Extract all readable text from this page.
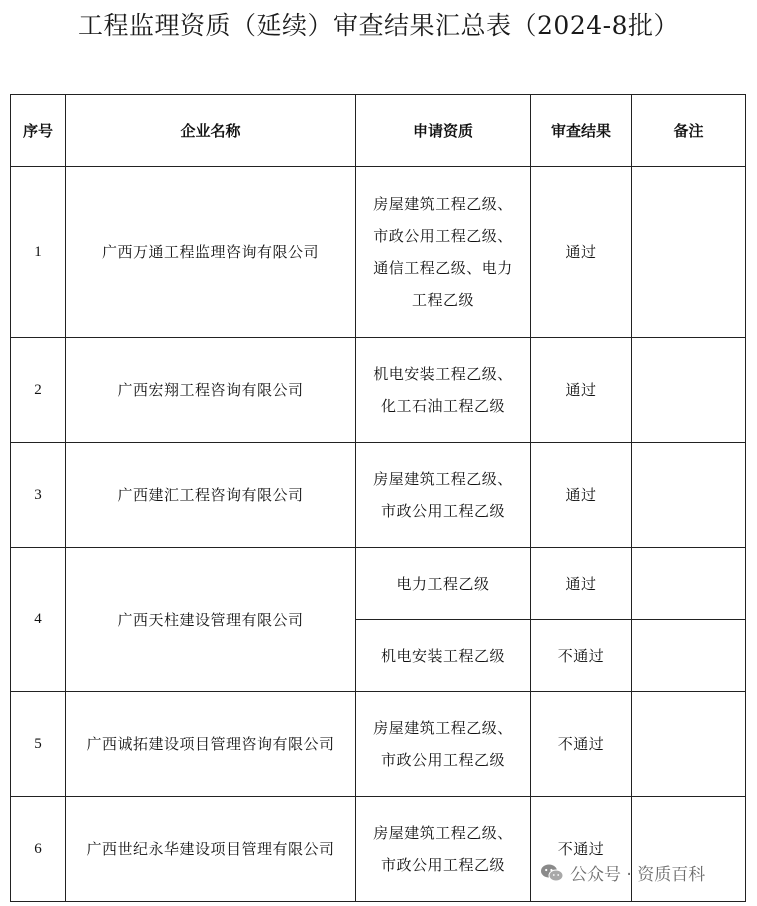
工程监理资质（延续）审查结果汇总表（2024-8批）
序号	企业名称	申请资质	审查结果	备注
1	广西万通工程监理咨询有限公司	房屋建筑工程乙级、
市政公用工程乙级、
通信工程乙级、电力
工程乙级	通过	
2	广西宏翔工程咨询有限公司	机电安装工程乙级、
化工石油工程乙级	通过	
3	广西建汇工程咨询有限公司	房屋建筑工程乙级、
市政公用工程乙级	通过	
4	广西天柱建设管理有限公司	电力工程乙级	通过	

		机电安装工程乙级	不通过	
5	广西诚拓建设项目管理咨询有限公司	房屋建筑工程乙级、
市政公用工程乙级	不通过	
6	广西世纪永华建设项目管理有限公司	房屋建筑工程乙级、
市政公用工程乙级	不通过	
公众号 · 资质百科
